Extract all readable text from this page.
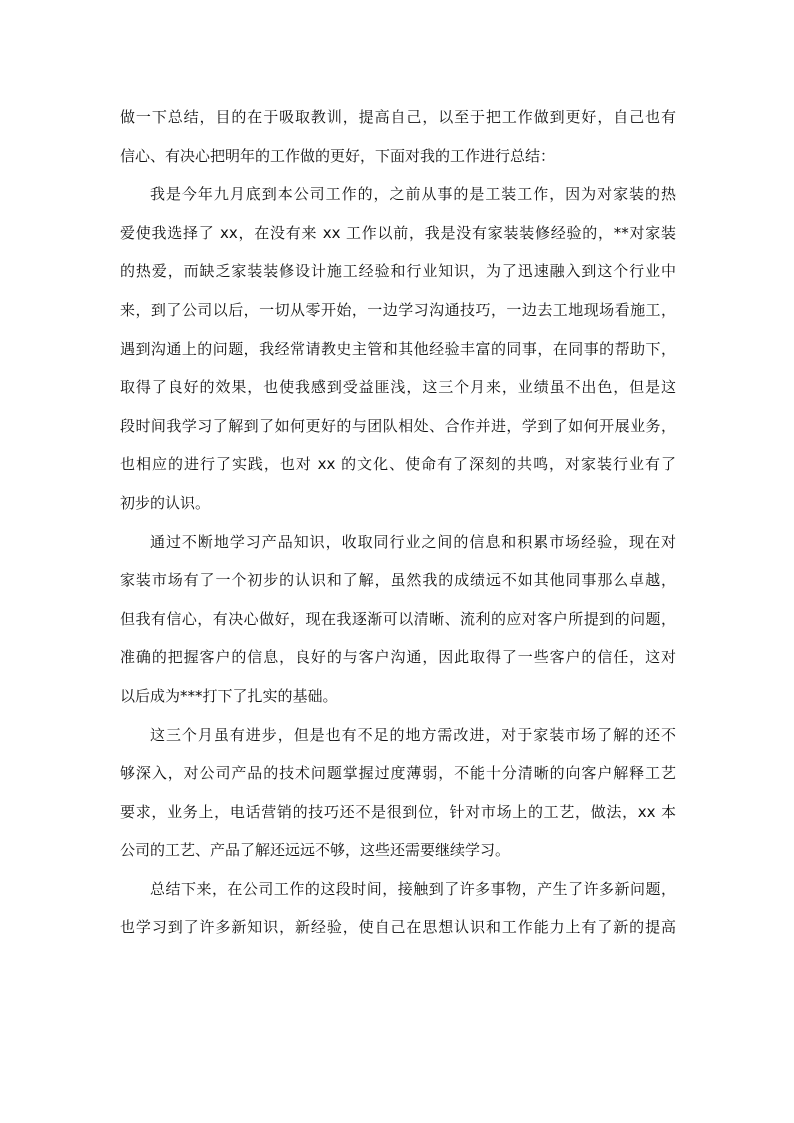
做一下总结，目的在于吸取教训，提高自己，以至于把工作做到更好，自己也有
信心、有决心把明年的工作做的更好，下面对我的工作进行总结：
我是今年九月底到本公司工作的，之前从事的是工装工作，因为对家装的热
爱使我选择了 xx，在没有来 xx 工作以前，我是没有家装装修经验的，**对家装
的热爱，而缺乏家装装修设计施工经验和行业知识，为了迅速融入到这个行业中
来，到了公司以后，一切从零开始，一边学习沟通技巧，一边去工地现场看施工，
遇到沟通上的问题，我经常请教史主管和其他经验丰富的同事，在同事的帮助下，
取得了良好的效果，也使我感到受益匪浅，这三个月来，业绩虽不出色，但是这
段时间我学习了解到了如何更好的与团队相处、合作并进，学到了如何开展业务，
也相应的进行了实践，也对 xx 的文化、使命有了深刻的共鸣，对家装行业有了
初步的认识。
通过不断地学习产品知识，收取同行业之间的信息和积累市场经验，现在对
家装市场有了一个初步的认识和了解，虽然我的成绩远不如其他同事那么卓越，
但我有信心，有决心做好，现在我逐渐可以清晰、流利的应对客户所提到的问题，
准确的把握客户的信息，良好的与客户沟通，因此取得了一些客户的信任，这对
以后成为***打下了扎实的基础。
这三个月虽有进步，但是也有不足的地方需改进，对于家装市场了解的还不
够深入，对公司产品的技术问题掌握过度薄弱，不能十分清晰的向客户解释工艺
要求，业务上，电话营销的技巧还不是很到位，针对市场上的工艺，做法，xx 本
公司的工艺、产品了解还远远不够，这些还需要继续学习。
总结下来，在公司工作的这段时间，接触到了许多事物，产生了许多新问题，
也学习到了许多新知识，新经验，使自己在思想认识和工作能力上有了新的提高
